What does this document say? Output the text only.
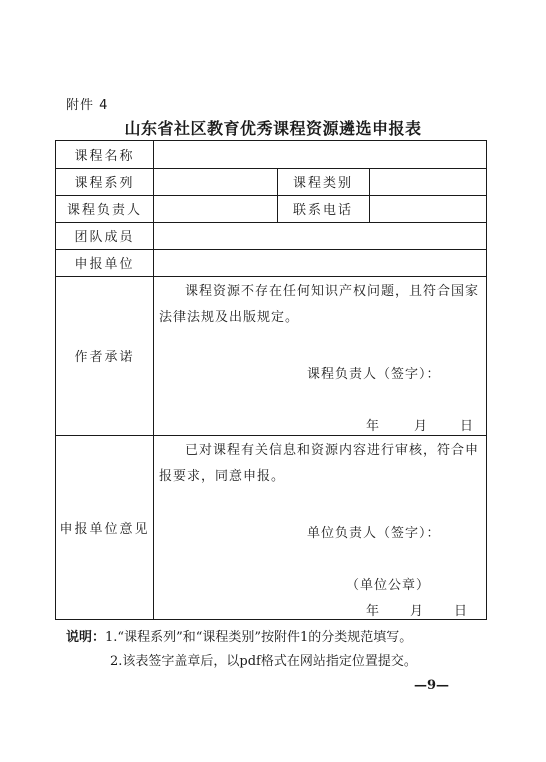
附件 4
山东省社区教育优秀课程资源遴选申报表
课程名称
课程系列	课程类别
课程负责人	联系电话
团队成员
申报单位
作者承诺
课程资源不存在任何知识产权问题，且符合国家法律法规及出版规定。
课程负责人（签字）：
年	月 日
申报单位意见
已对课程有关信息和资源内容进行审核，符合申报要求，同意申报。
单位负责人（签字）：
（单位公章）
年 月 日
说明：1.“课程系列”和“课程类别”按附件1的分类规范填写。
2.该表签字盖章后，以pdf格式在网站指定位置提交。
—9—
